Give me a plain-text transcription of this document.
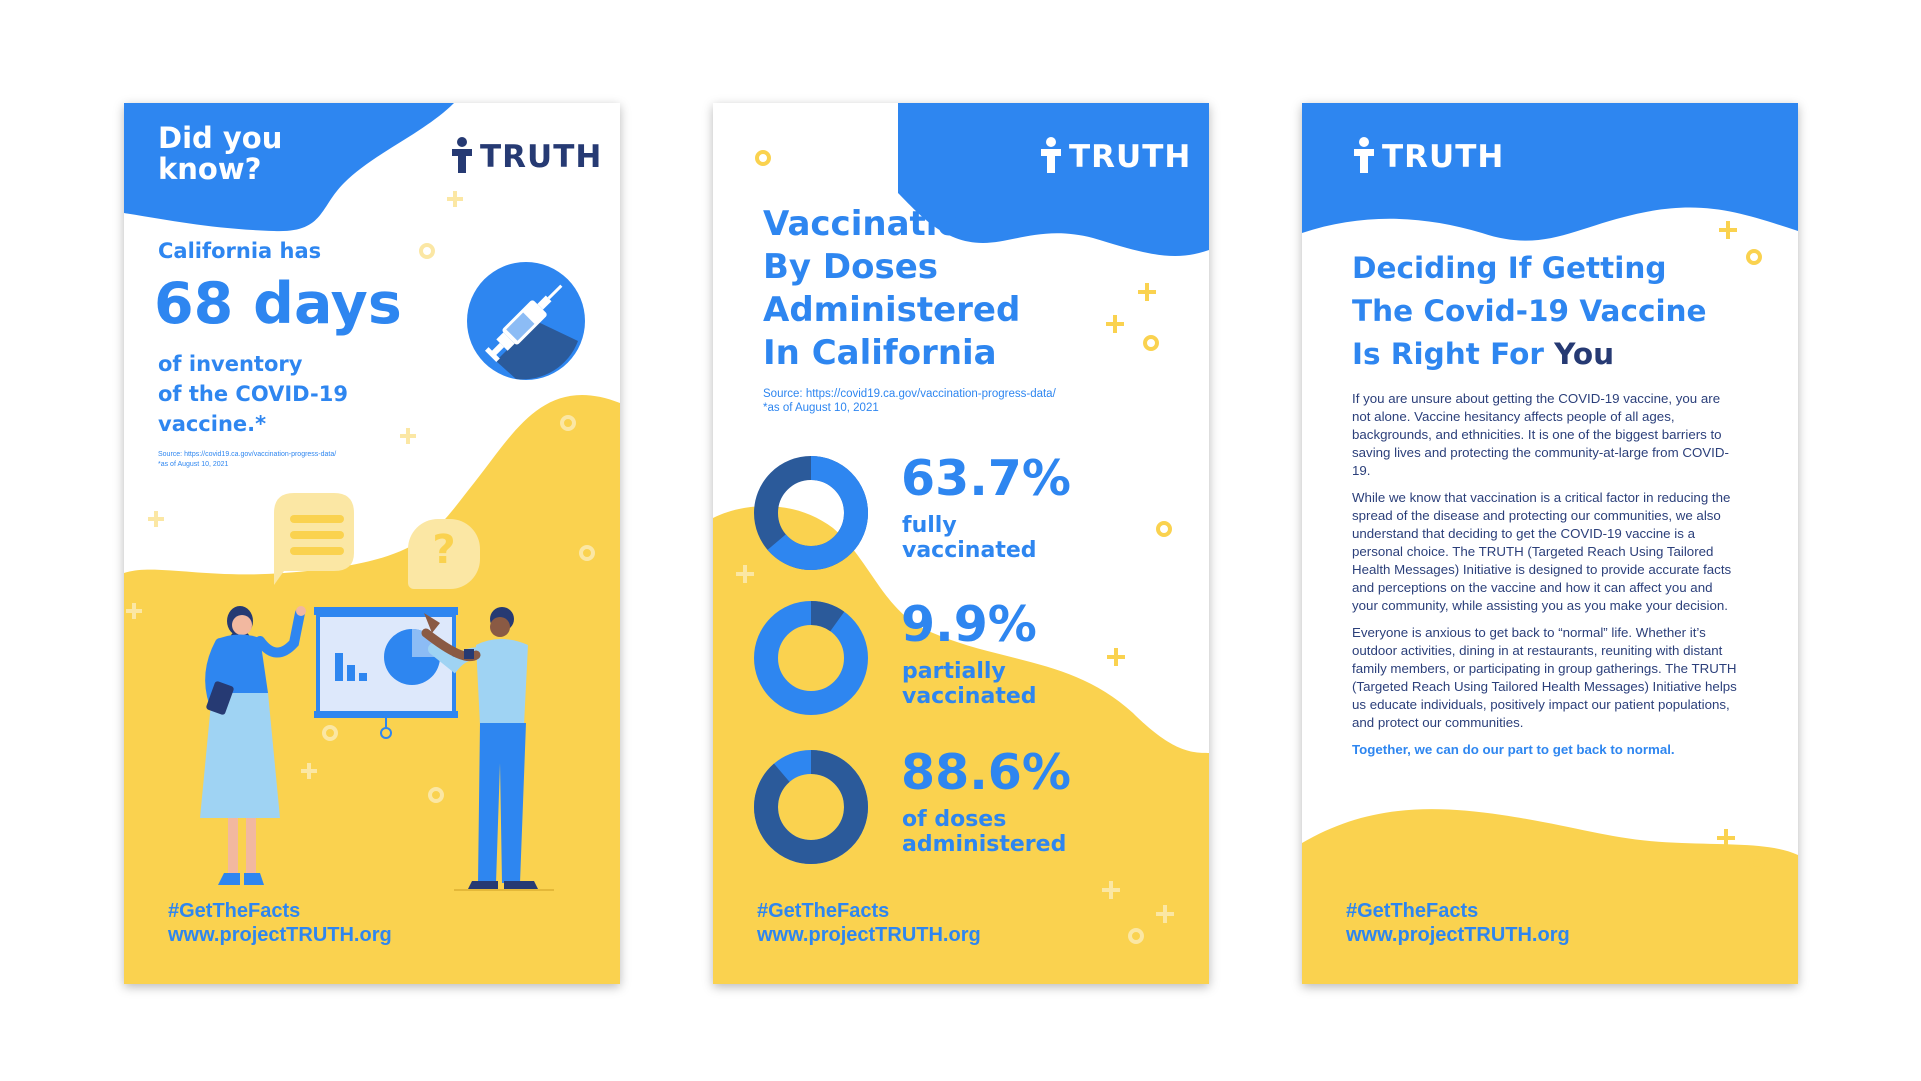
Did you
know?	TRUTH
California has
68 days
of inventory
of the COVID-19
vaccine.*
Source: https://covid19.ca.gov/vaccination-progress-data/
*as of August 10, 2021
?
#GetTheFacts
www.projectTRUTH.org
TRUTH
Vaccinations
By Doses
Administered
In California
Source: https://covid19.ca.gov/vaccination-progress-data/
*as of August 10, 2021
63.7%
fully
vaccinated
9.9%
partially
vaccinated
88.6%
of doses
administered
#GetTheFacts
www.projectTRUTH.org
TRUTH
Deciding If Getting
The Covid-19 Vaccine
Is Right For You

If you are unsure about getting the COVID-19 vaccine, you are not alone. Vaccine hesitancy affects people of all ages, backgrounds, and ethnicities. It is one of the biggest barriers to saving lives and protecting the community-at-large from COVID-19.

While we know that vaccination is a critical factor in reducing the spread of the disease and protecting our communities, we also understand that deciding to get the COVID-19 vaccine is a personal choice. The TRUTH (Targeted Reach Using Tailored Health Messages) Initiative is designed to provide accurate facts and perceptions on the vaccine and how it can affect you and your community, while assisting you as you make your decision.

Everyone is anxious to get back to “normal” life. Whether it’s outdoor activities, dining in at restaurants, reuniting with distant family members, or participating in group gatherings. The TRUTH (Targeted Reach Using Tailored Health Messages) Initiative helps us educate individuals, positively impact our patient populations, and protect our communities.

Together, we can do our part to get back to normal.

#GetTheFacts
www.projectTRUTH.org
